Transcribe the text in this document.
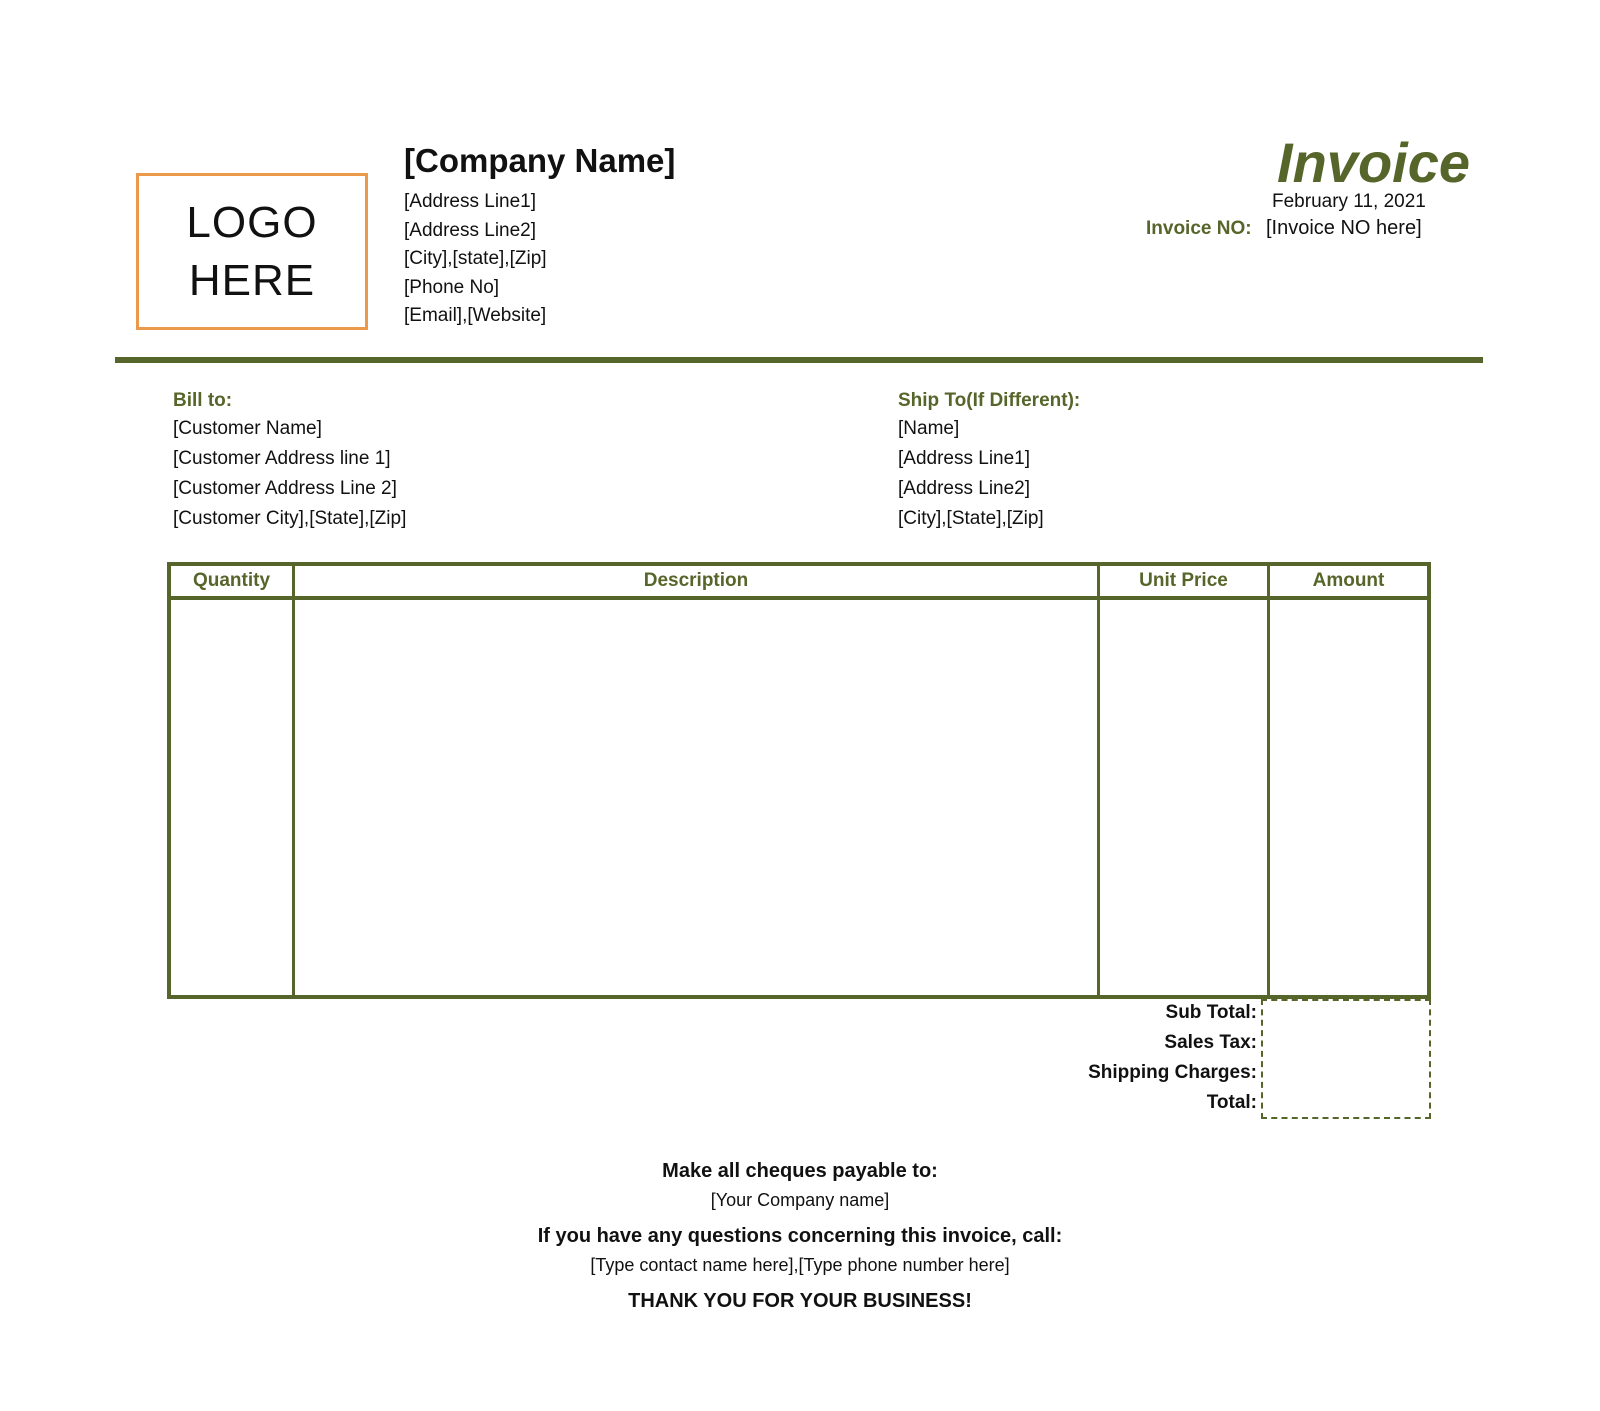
LOGO
HERE
[Company Name]
[Address Line1]
[Address Line2]
[City],[state],[Zip]
[Phone No]
[Email],[Website]
Invoice
February 11, 2021
Invoice NO: [Invoice NO here]
Bill to:
[Customer Name]
[Customer Address line 1]
[Customer Address Line 2]
[Customer City],[State],[Zip]
Ship To(If Different):
[Name]
[Address Line1]
[Address Line2]
[City],[State],[Zip]
Quantity	Description	Unit Price	Amount
Sub Total:
Sales Tax:
Shipping Charges:
Total:
Make all cheques payable to:
[Your Company name]
If you have any questions concerning this invoice, call:
[Type contact name here],[Type phone number here]
THANK YOU FOR YOUR BUSINESS!
